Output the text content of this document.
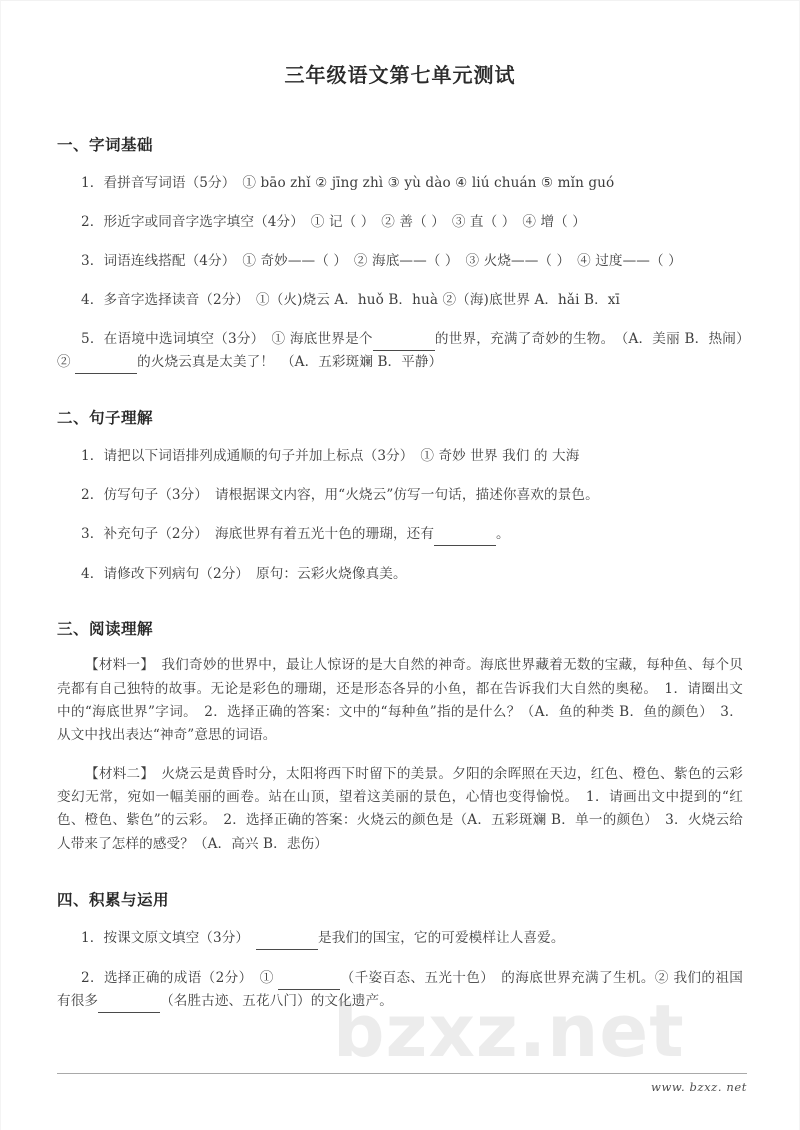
bzxz.net
三年级语文第七单元测试
一、字词基础

1．看拼音写词语（5分）　① bāo zhǐ ② jīng zhì ③ yù dào ④ liú chuán ⑤ mǐn guó

2．形近字或同音字选字填空（4分）　① 记（ ）　② 善（ ）　③ 直（ ）　④ 增（ ）

3．词语连线搭配（4分）　① 奇妙——（ ）　② 海底——（ ）　③ 火烧——（ ）　④ 过度——（ ）

4．多音字选择读音（2分）　①（火)烧云 A．huǒ B．huà ②（海)底世界 A．hǎi B．xī

5．在语境中选词填空（3分）　① 海底世界是个	的世界，充满了奇妙的生物。　（A．美丽 B．热闹）　②	的火烧云真是太美了！　（A．五彩斑斓 B．平静）

二、句子理解

1．请把以下词语排列成通顺的句子并加上标点（3分）　① 奇妙 世界 我们 的 大海

2．仿写句子（3分）　请根据课文内容，用“火烧云”仿写一句话，描述你喜欢的景色。

3．补充句子（2分）　海底世界有着五光十色的珊瑚，还有	。

4．请修改下列病句（2分）　原句：云彩火烧像真美。

三、阅读理解

【材料一】　我们奇妙的世界中，最让人惊讶的是大自然的神奇。海底世界藏着无数的宝藏，每种鱼、每个贝壳都有自己独特的故事。无论是彩色的珊瑚，还是形态各异的小鱼，都在告诉我们大自然的奥秘。　1．请圈出文中的“海底世界”字词。　2．选择正确的答案：文中的“每种鱼”指的是什么？（A．鱼的种类 B．鱼的颜色）　3．从文中找出表达“神奇”意思的词语。

【材料二】　火烧云是黄昏时分，太阳将西下时留下的美景。夕阳的余晖照在天边，红色、橙色、紫色的云彩变幻无常，宛如一幅美丽的画卷。站在山顶，望着这美丽的景色，心情也变得愉悦。　1．请画出文中提到的“红色、橙色、紫色”的云彩。　2．选择正确的答案：火烧云的颜色是（A．五彩斑斓 B．单一的颜色）　3．火烧云给人带来了怎样的感受？（A．高兴 B．悲伤）

四、积累与运用

1．按课文原文填空（3分）　	是我们的国宝，它的可爱模样让人喜爱。

2．选择正确的成语（2分）　①	（千姿百态、五光十色）　的海底世界充满了生机。② 我们的祖国有很多	（名胜古迹、五花八门）的文化遗产。

www. bzxz. net
